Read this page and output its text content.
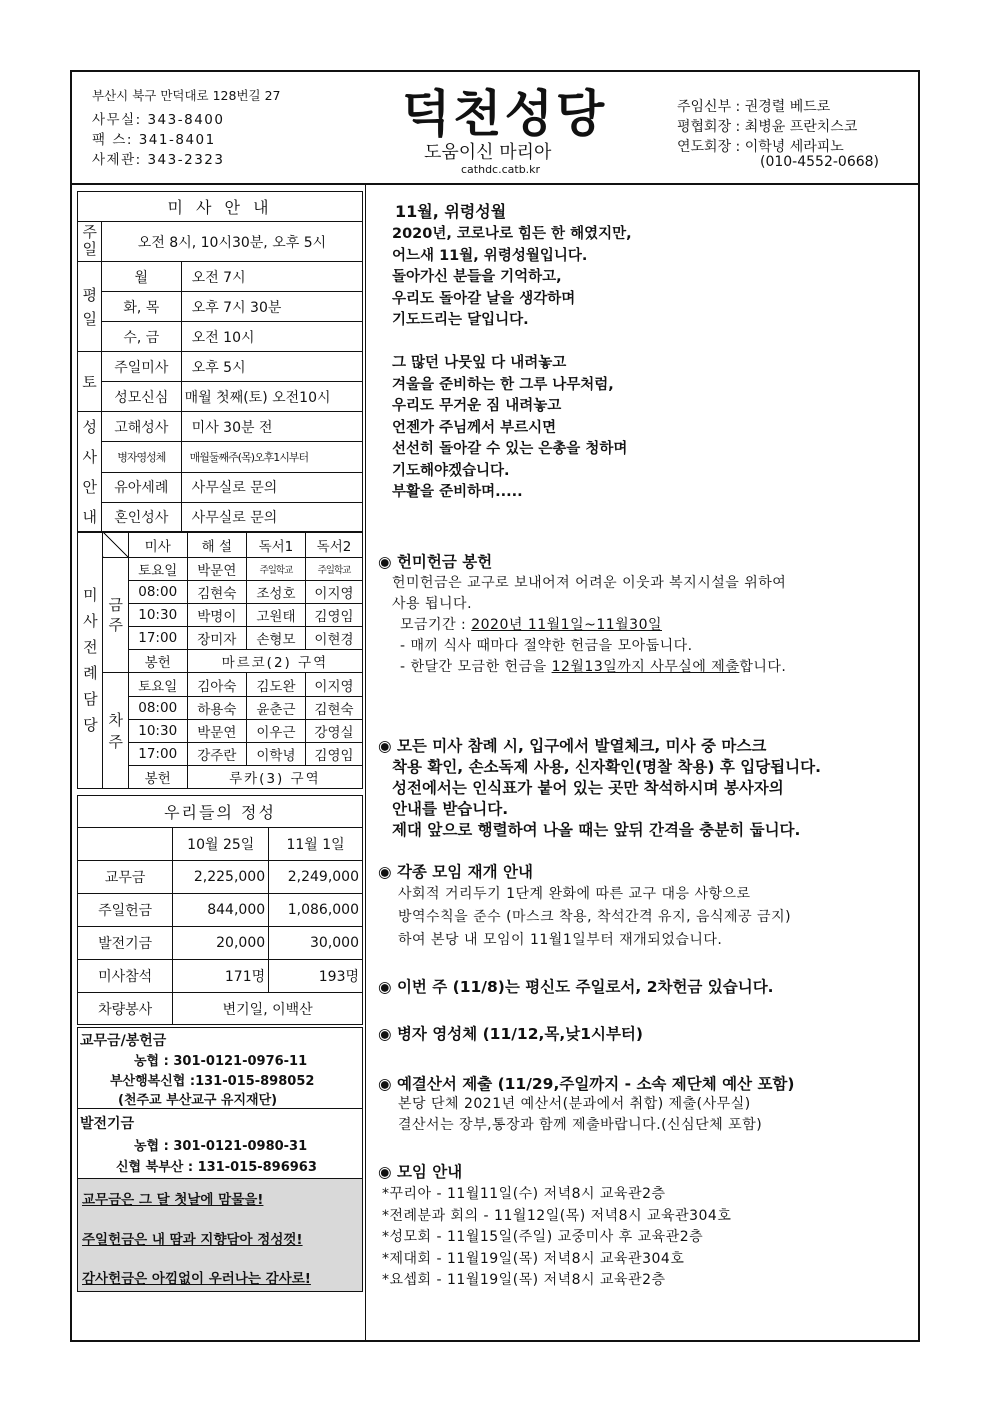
부산시 북구 만덕대로 128번길 27
사무실: 343-8400
팩 스: 341-8401
사제관: 343-2323
덕천성당
도움이신 마리아
cathdc.catb.kr
주임신부 : 권경렬 베드로
평협회장 : 최병윤 프란치스코
연도회장 : 이학녕 세라피노
(010-4552-0668)
미 사 안 내		
주일	오전 8시, 10시30분, 오후 5시	
평일	월	오전 7시
	화, 목	오후 7시 30분
	수, 금	오전 10시
토	주일미사	오후 5시
	성모신심	매월 첫째(토) 오전10시
성사안내	고해성사	미사 30분 전
	병자영성체	매월둘째주(목)오후1시부터
	유아세례	사무실로 문의
	혼인성사	사무실로 문의
미사전례담당		미사	해 설	독서1	독서2
	금주	토요일	박문연	주일학교	주일학교
		08:00	김현숙	조성호	이지영
		10:30	박명이	고원태	김영임
		17:00	장미자	손형모	이현경
		봉헌	마르코(2) 구역		
	차주	토요일	김아숙	김도완	이지영
		08:00	하용숙	윤춘근	김현숙
		10:30	박문연	이우근	강영실
		17:00	강주란	이학녕	김영임
		봉헌	루카(3) 구역		
우리들의 정성		
	10월 25일	11월 1일
교무금	2,225,000	2,249,000
주일헌금	844,000	1,086,000
발전기금	20,000	30,000
미사참석	171명	193명
차량봉사	변기일, 이백산	
교무금/봉헌금
농협 : 301-0121-0976-11
부산행복신협 :131-015-898052
(천주교 부산교구 유지재단)
발전기금
농협 : 301-0121-0980-31
신협 북부산 : 131-015-896963
교무금은 그 달 첫날에 맘물을!
주일헌금은 내 땀과 지향담아 정성껏!
감사헌금은 아낌없이 우러나는 감사로!
11월, 위령성월
2020년, 코로나로 힘든 한 해였지만,
어느새 11월, 위령성월입니다.
돌아가신 분들을 기억하고,
우리도 돌아갈 날을 생각하며
기도드리는 달입니다.
그 많던 나뭇잎 다 내려놓고
겨울을 준비하는 한 그루 나무처럼,
우리도 무거운 짐 내려놓고
언젠가 주님께서 부르시면
선선히 돌아갈 수 있는 은총을 청하며
기도해야겠습니다.
부활을 준비하며.....
◉ 헌미헌금 봉헌
헌미헌금은 교구로 보내어져 어려운 이웃과 복지시설을 위하여
사용 됩니다.
모금기간 : 2020년 11월1일~11월30일
- 매끼 식사 때마다 절약한 헌금을 모아둡니다.
- 한달간 모금한 헌금을 12월13일까지 사무실에 제출합니다.
◉ 모든 미사 참례 시, 입구에서 발열체크, 미사 중 마스크
착용 확인, 손소독제 사용, 신자확인(명찰 착용) 후 입당됩니다.
성전에서는 인식표가 붙어 있는 곳만 착석하시며 봉사자의
안내를 받습니다.
제대 앞으로 행렬하여 나올 때는 앞뒤 간격을 충분히 둡니다.
◉ 각종 모임 재개 안내
사회적 거리두기 1단계 완화에 따른 교구 대응 사항으로
방역수칙을 준수 (마스크 착용, 착석간격 유지, 음식제공 금지)
하여 본당 내 모임이 11월1일부터 재개되었습니다.
◉ 이번 주 (11/8)는 평신도 주일로서, 2차헌금 있습니다.
◉ 병자 영성체 (11/12,목,낮1시부터)
◉ 예결산서 제출 (11/29,주일까지 - 소속 제단체 예산 포함)
본당 단체 2021년 예산서(분과에서 취합) 제출(사무실)
결산서는 장부,통장과 함께 제출바랍니다.(신심단체 포함)
◉ 모임 안내
*꾸리아 - 11월11일(수) 저녁8시 교육관2층
*전례분과 회의 - 11월12일(목) 저녁8시 교육관304호
*성모회 - 11월15일(주일) 교중미사 후 교육관2층
*제대회 - 11월19일(목) 저녁8시 교육관304호
*요셉회 - 11월19일(목) 저녁8시 교육관2층
